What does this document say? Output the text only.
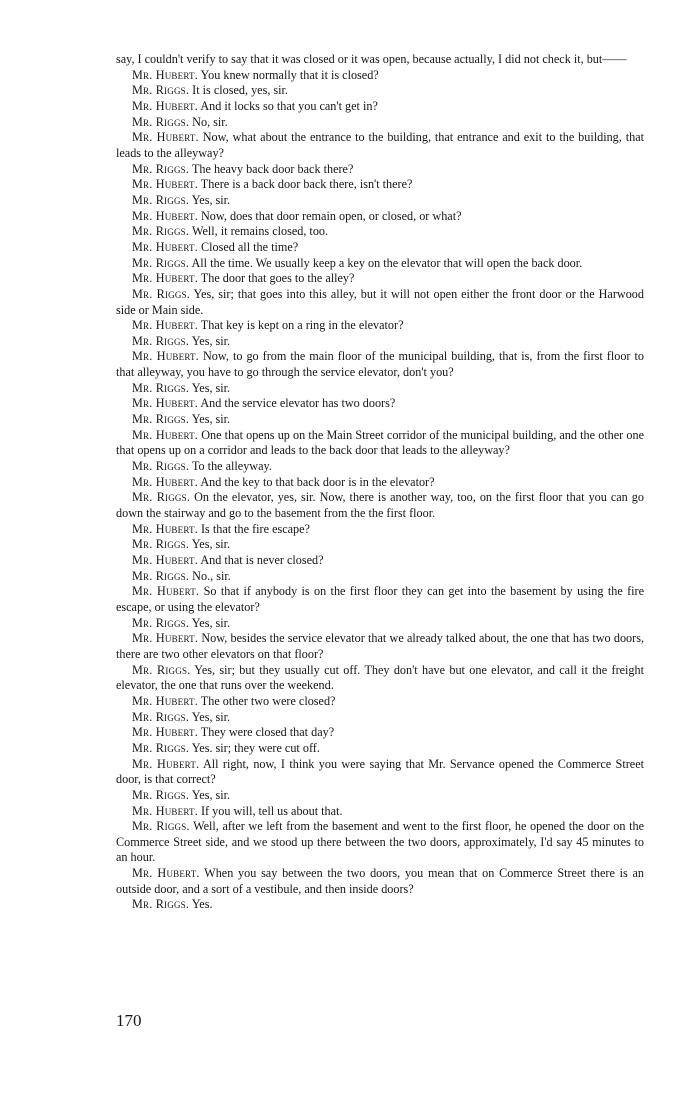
say, I couldn't verify to say that it was closed or it was open, because actually, I did not check it, but——

Mr. Hubert. You knew normally that it is closed?

Mr. Riggs. It is closed, yes, sir.

Mr. Hubert. And it locks so that you can't get in?

Mr. Riggs. No, sir.

Mr. Hubert. Now, what about the entrance to the building, that entrance and exit to the building, that leads to the alleyway?

Mr. Riggs. The heavy back door back there?

Mr. Hubert. There is a back door back there, isn't there?

Mr. Riggs. Yes, sir.

Mr. Hubert. Now, does that door remain open, or closed, or what?

Mr. Riggs. Well, it remains closed, too.

Mr. Hubert. Closed all the time?

Mr. Riggs. All the time. We usually keep a key on the elevator that will open the back door.

Mr. Hubert. The door that goes to the alley?

Mr. Riggs. Yes, sir; that goes into this alley, but it will not open either the front door or the Harwood side or Main side.

Mr. Hubert. That key is kept on a ring in the elevator?

Mr. Riggs. Yes, sir.

Mr. Hubert. Now, to go from the main floor of the municipal building, that is, from the first floor to that alleyway, you have to go through the service elevator, don't you?

Mr. Riggs. Yes, sir.

Mr. Hubert. And the service elevator has two doors?

Mr. Riggs. Yes, sir.

Mr. Hubert. One that opens up on the Main Street corridor of the municipal building, and the other one that opens up on a corridor and leads to the back door that leads to the alleyway?

Mr. Riggs. To the alleyway.

Mr. Hubert. And the key to that back door is in the elevator?

Mr. Riggs. On the elevator, yes, sir. Now, there is another way, too, on the first floor that you can go down the stairway and go to the basement from the the first floor.

Mr. Hubert. Is that the fire escape?

Mr. Riggs. Yes, sir.

Mr. Hubert. And that is never closed?

Mr. Riggs. No., sir.

Mr. Hubert. So that if anybody is on the first floor they can get into the basement by using the fire escape, or using the elevator?

Mr. Riggs. Yes, sir.

Mr. Hubert. Now, besides the service elevator that we already talked about, the one that has two doors, there are two other elevators on that floor?

Mr. Riggs. Yes, sir; but they usually cut off. They don't have but one elevator, and call it the freight elevator, the one that runs over the weekend.

Mr. Hubert. The other two were closed?

Mr. Riggs. Yes, sir.

Mr. Hubert. They were closed that day?

Mr. Riggs. Yes. sir; they were cut off.

Mr. Hubert. All right, now, I think you were saying that Mr. Servance opened the Commerce Street door, is that correct?

Mr. Riggs. Yes, sir.

Mr. Hubert. If you will, tell us about that.

Mr. Riggs. Well, after we left from the basement and went to the first floor, he opened the door on the Commerce Street side, and we stood up there between the two doors, approximately, I'd say 45 minutes to an hour.

Mr. Hubert. When you say between the two doors, you mean that on Commerce Street there is an outside door, and a sort of a vestibule, and then inside doors?

Mr. Riggs. Yes.

170
